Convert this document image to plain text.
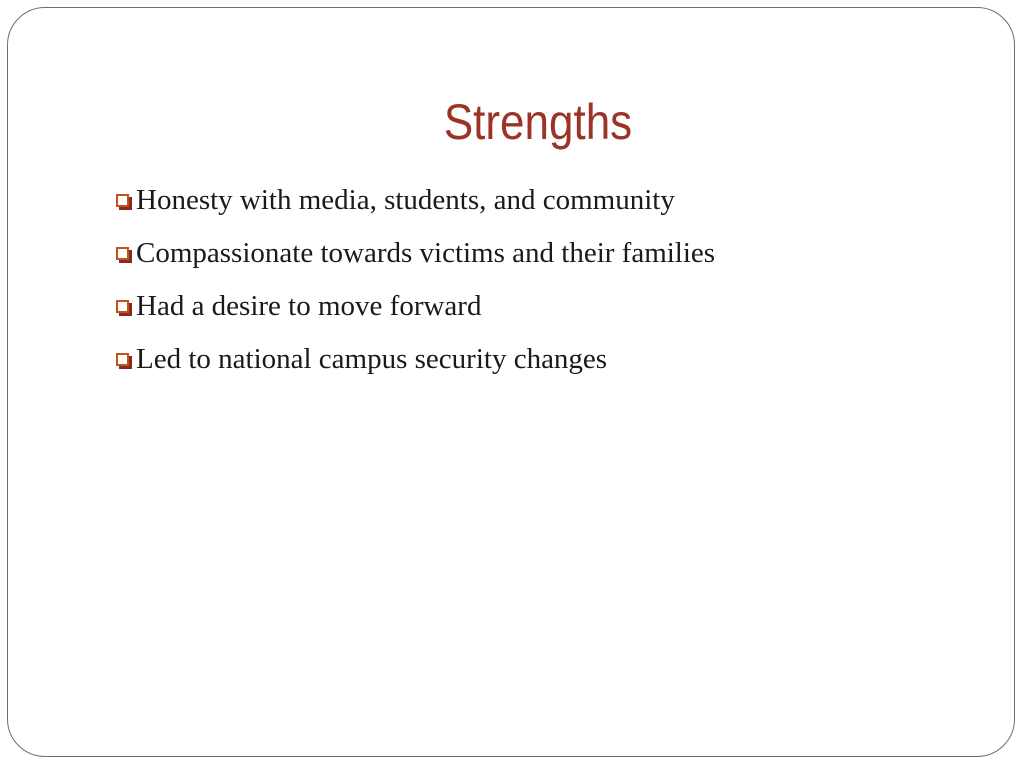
Strengths
Honesty with media, students, and community
Compassionate towards victims and their families
Had a desire to move forward
Led to national campus security changes
